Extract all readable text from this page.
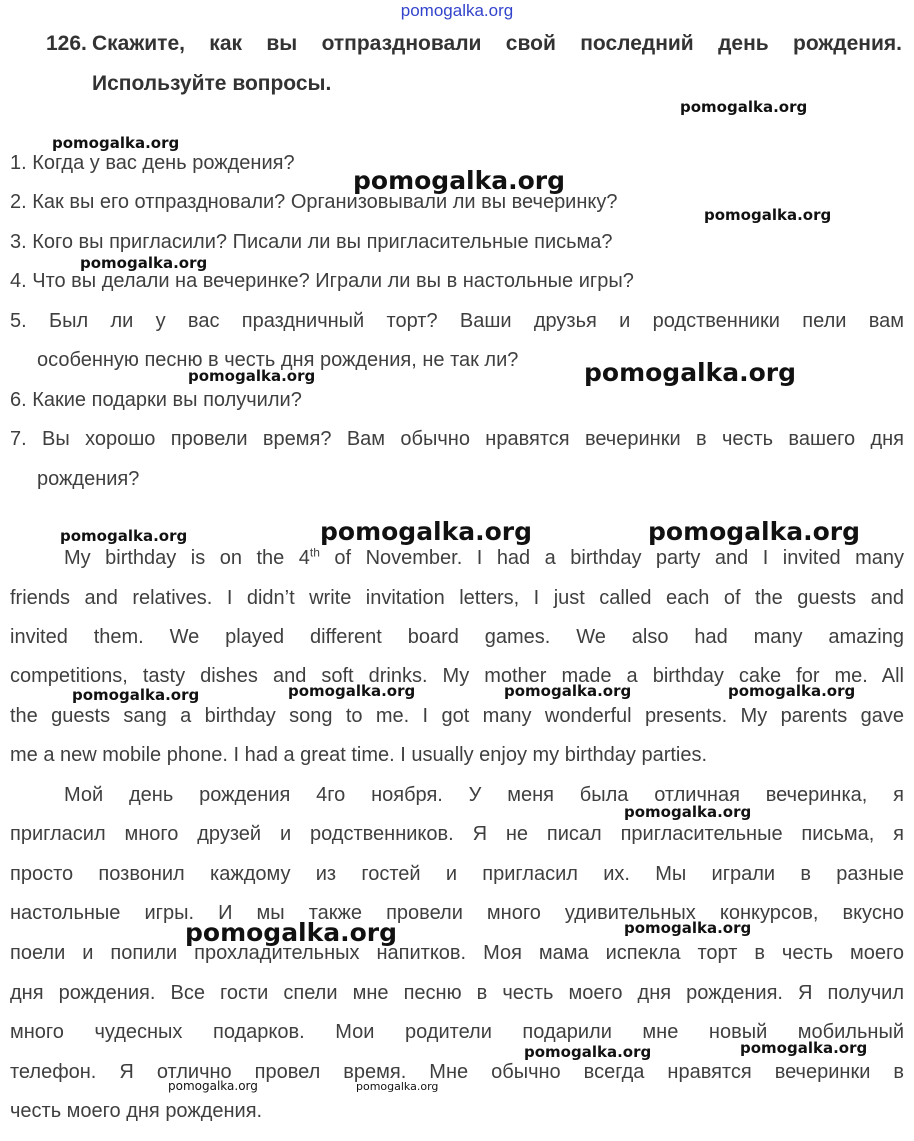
pomogalka.org
126. Скажите, как вы отпраздновали свой последний день рождения.
Используйте вопросы.
1. Когда у вас день рождения?
2. Как вы его отпраздновали? Организовывали ли вы вечеринку?
3. Кого вы пригласили? Писали ли вы пригласительные письма?
4. Что вы делали на вечеринке? Играли ли вы в настольные игры?
5. Был ли у вас праздничный торт? Ваши друзья и родственники пели вам
особенную песню в честь дня рождения, не так ли?
6. Какие подарки вы получили?
7. Вы хорошо провели время? Вам обычно нравятся вечеринки в честь вашего дня
рождения?
My birthday is on the 4th of November. I had a birthday party and I invited many
friends and relatives. I didn’t write invitation letters, I just called each of the guests and
invited them. We played different board games. We also had many amazing
competitions, tasty dishes and soft drinks. My mother made a birthday cake for me. All
the guests sang a birthday song to me. I got many wonderful presents. My parents gave
me a new mobile phone. I had a great time. I usually enjoy my birthday parties.
Мой день рождения 4го ноября. У меня была отличная вечеринка, я
пригласил много друзей и родственников. Я не писал пригласительные письма, я
просто позвонил каждому из гостей и пригласил их. Мы играли в разные
настольные игры. И мы также провели много удивительных конкурсов, вкусно
поели и попили прохладительных напитков. Моя мама испекла торт в честь моего
дня рождения. Все гости спели мне песню в честь моего дня рождения. Я получил
много чудесных подарков. Мои родители подарили мне новый мобильный
телефон. Я отлично провел время. Мне обычно всегда нравятся вечеринки в
честь моего дня рождения.
pomogalka.org
pomogalka.org
pomogalka.org
pomogalka.org
pomogalka.org
pomogalka.org
pomogalka.org
pomogalka.org	pomogalka.org	pomogalka.org
pomogalka.org	pomogalka.org	pomogalka.org	pomogalka.org
pomogalka.org
pomogalka.org
pomogalka.org
pomogalka.org
pomogalka.org
pomogalka.org	pomogalka.org
